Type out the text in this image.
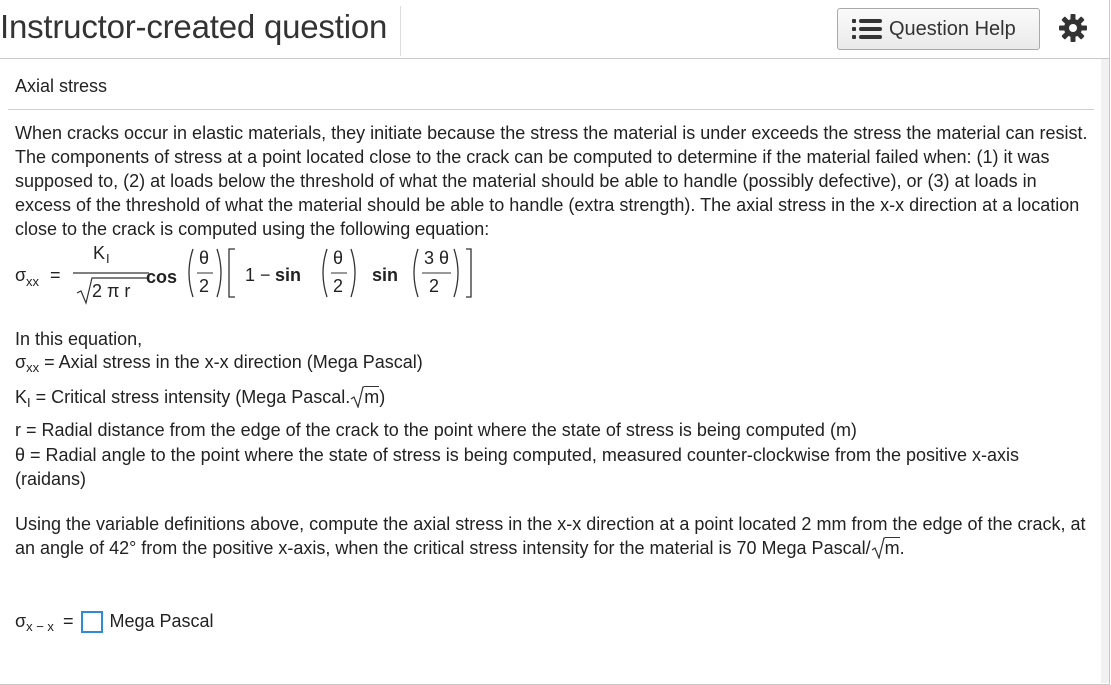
Instructor-created question	Question Help
Axial stress
When cracks occur in elastic materials, they initiate because the stress the material is under exceeds the stress the material can resist. The components of stress at a point located close to the crack can be computed to determine if the material failed when: (1) it was supposed to, (2) at loads below the threshold of what the material should be able to handle (possibly defective), or (3) at loads in excess of the threshold of what the material should be able to handle (extra strength). The axial stress in the x-x direction at a location close to the crack is computed using the following equation:
σ xx =
K I
2 π r
cos
θ
2
1 − sin
θ
2
sin
3 θ
2
In this equation,
$\sigma_{xx}$ = Axial stress in the x-x direction (Mega Pascal)
$K_I$ = Critical stress intensity (Mega Pascal. m)
r = Radial distance from the edge of the crack to the point where the state of stress is being computed (m)
θ = Radial angle to the point where the state of stress is being computed, measured counter-clockwise from the positive x-axis (raidans)
Using the variable definitions above, compute the axial stress in the x-x direction at a point located 2 mm from the edge of the crack, at an angle of 42° from the positive x-axis, when the critical stress intensity for the material is 70 Mega Pascal/ m.
$\sigma_{x - x}$ = Mega Pascal
